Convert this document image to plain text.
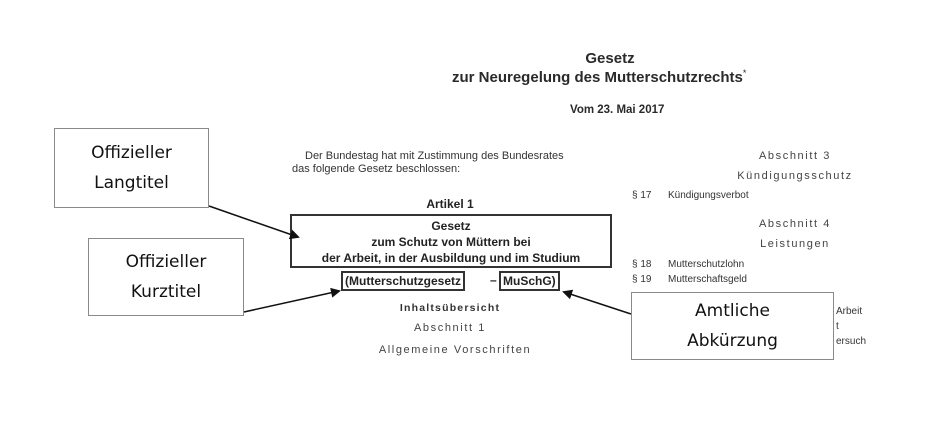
Gesetz
zur Neuregelung des Mutterschutzrechts*
Vom 23. Mai 2017
Der Bundestag hat mit Zustimmung des Bundesrates
das folgende Gesetz beschlossen:
Artikel 1
Gesetz
zum Schutz von Müttern bei
der Arbeit, in der Ausbildung und im Studium
(Mutterschutzgesetz	– MuSchG)
Inhaltsübersicht
Abschnitt 1
Allgemeine Vorschriften
Abschnitt 3
Kündigungsschutz
§ 17 Kündigungsverbot
Abschnitt 4
Leistungen
§ 18 Mutterschutzlohn
§ 19 Mutterschaftsgeld
Arbeit
t
ersuch
Offizieller
Langtitel
Offizieller
Kurztitel
Amtliche
Abkürzung
